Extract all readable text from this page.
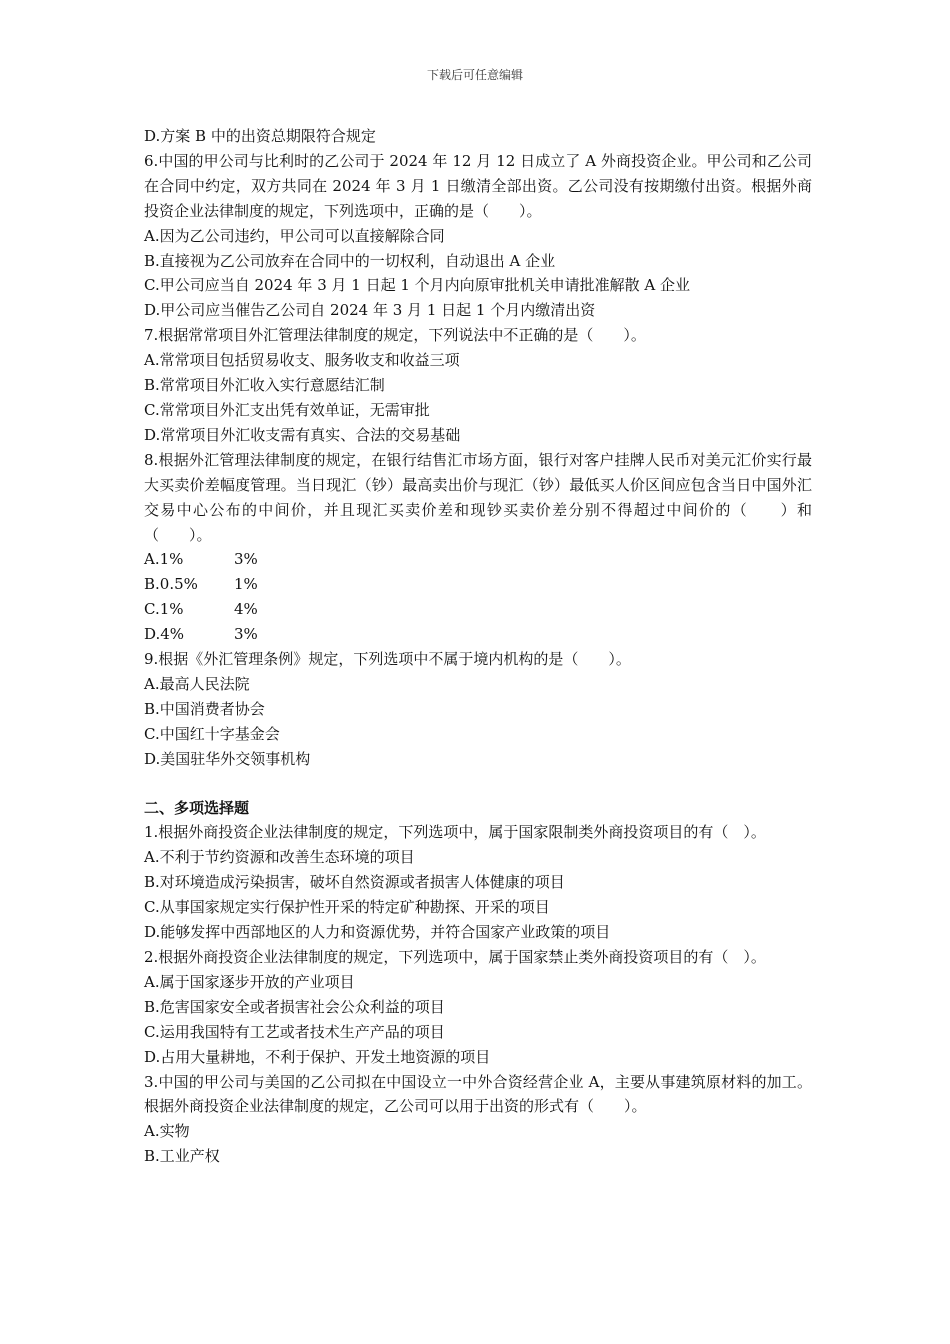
下载后可任意编辑
D.方案 B 中的出资总期限符合规定
6.中国的甲公司与比利时的乙公司于 2024 年 12 月 12 日成立了 A 外商投资企业。甲公司和乙公司在合同中约定，双方共同在 2024 年 3 月 1 日缴清全部出资。乙公司没有按期缴付出资。根据外商投资企业法律制度的规定，下列选项中，正确的是（　　）。
A.因为乙公司违约，甲公司可以直接解除合同
B.直接视为乙公司放弃在合同中的一切权利，自动退出 A 企业
C.甲公司应当自 2024 年 3 月 1 日起 1 个月内向原审批机关申请批准解散 A 企业
D.甲公司应当催告乙公司自 2024 年 3 月 1 日起 1 个月内缴清出资
7.根据常常项目外汇管理法律制度的规定，下列说法中不正确的是（　　）。
A.常常项目包括贸易收支、服务收支和收益三项
B.常常项目外汇收入实行意愿结汇制
C.常常项目外汇支出凭有效单证，无需审批
D.常常项目外汇收支需有真实、合法的交易基础
8.根据外汇管理法律制度的规定，在银行结售汇市场方面，银行对客户挂牌人民币对美元汇价实行最大买卖价差幅度管理。当日现汇（钞）最高卖出价与现汇（钞）最低买人价区间应包含当日中国外汇交易中心公布的中间价，并且现汇买卖价差和现钞买卖价差分别不得超过中间价的（　　）和（　　）。
A.1%	3%
B.0.5% 1%
C.1%	4%
D.4%	3%
9.根据《外汇管理条例》规定，下列选项中不属于境内机构的是（　　）。
A.最高人民法院
B.中国消费者协会
C.中国红十字基金会
D.美国驻华外交领事机构
二、多项选择题
1.根据外商投资企业法律制度的规定，下列选项中，属于国家限制类外商投资项目的有（　）。
A.不利于节约资源和改善生态环境的项目
B.对环境造成污染损害，破坏自然资源或者损害人体健康的项目
C.从事国家规定实行保护性开采的特定矿种勘探、开采的项目
D.能够发挥中西部地区的人力和资源优势，并符合国家产业政策的项目
2.根据外商投资企业法律制度的规定，下列选项中，属于国家禁止类外商投资项目的有（　）。
A.属于国家逐步开放的产业项目
B.危害国家安全或者损害社会公众利益的项目
C.运用我国特有工艺或者技术生产产品的项目
D.占用大量耕地，不利于保护、开发土地资源的项目
3.中国的甲公司与美国的乙公司拟在中国设立一中外合资经营企业 A，主要从事建筑原材料的加工。根据外商投资企业法律制度的规定，乙公司可以用于出资的形式有（　　）。
A.实物
B.工业产权
